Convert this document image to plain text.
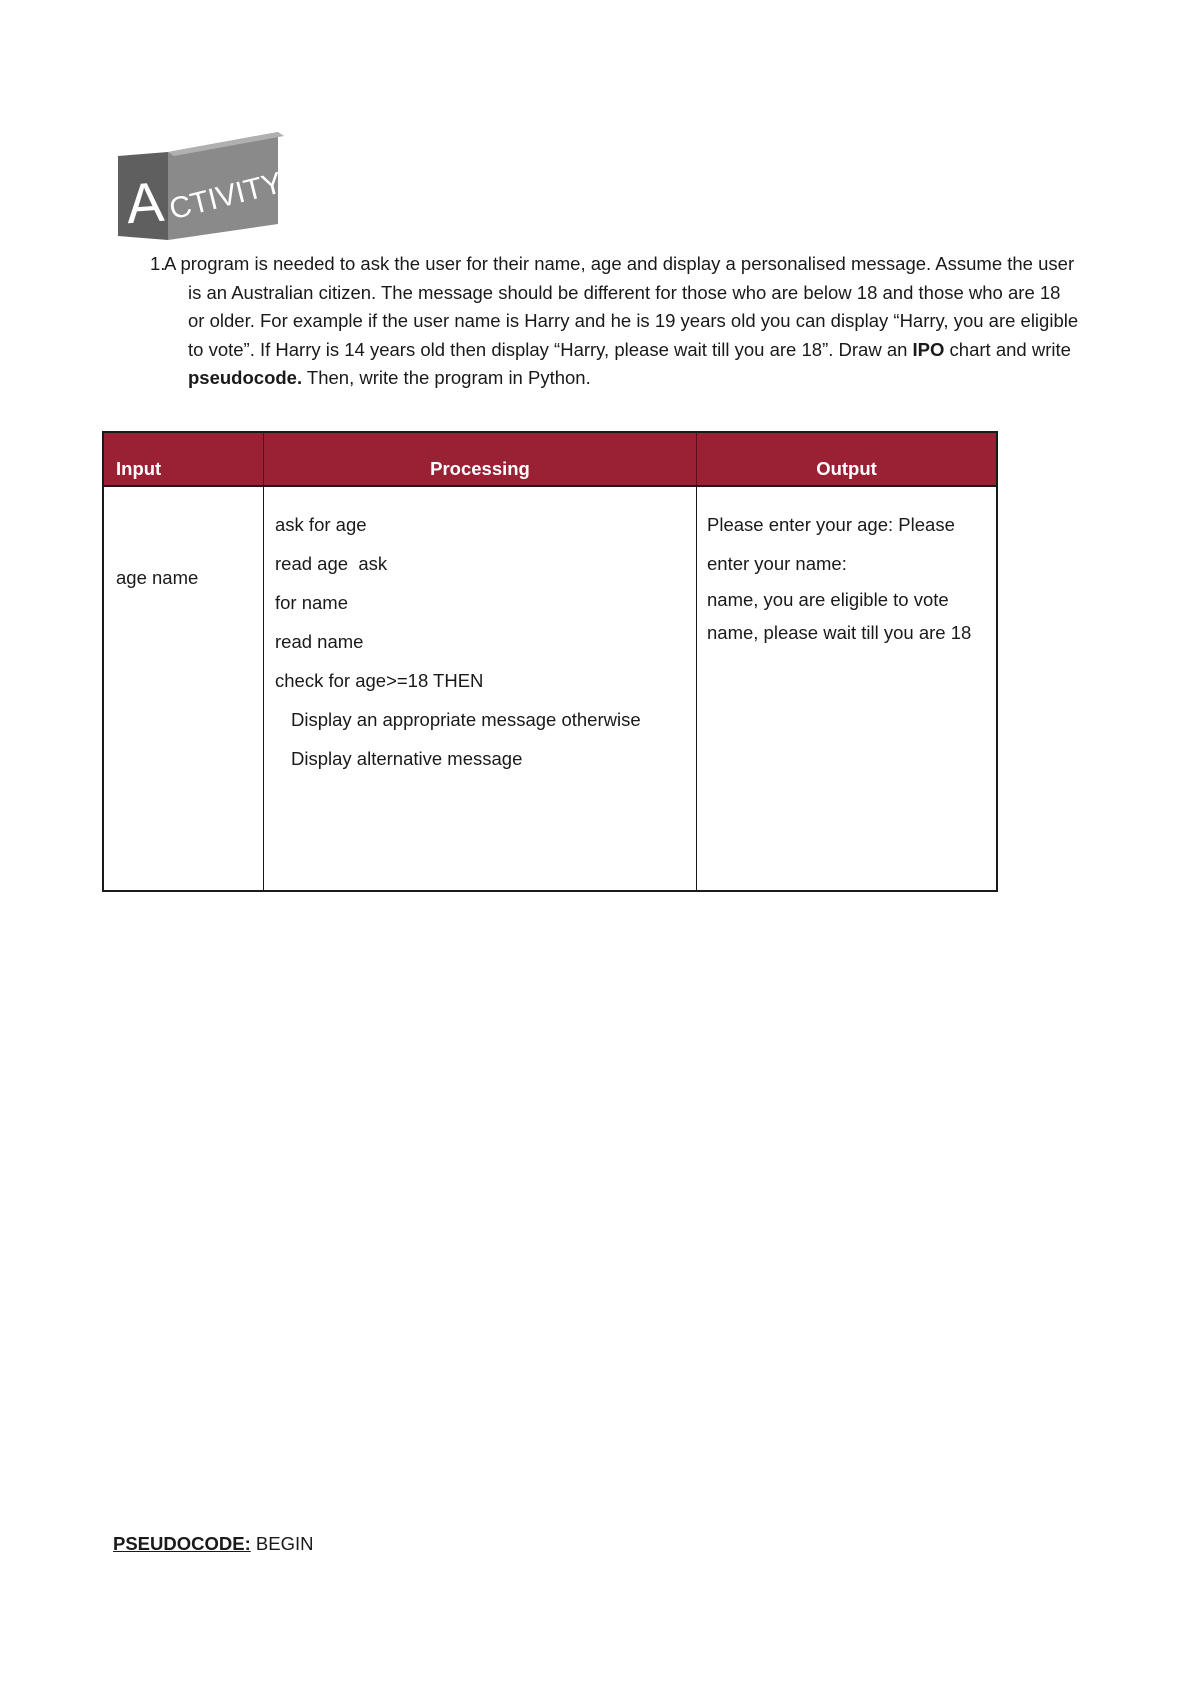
A CTIVITY
1.
A program is needed to ask the user for their name, age and display a personalised message. Assume the user is an Australian citizen. The message should be different for those who are below 18 and those who are 18 or older. For example if the user name is Harry and he is 19 years old you can display “Harry, you are eligible to vote”. If Harry is 14 years old then display “Harry, please wait till you are 18”. Draw an IPO chart and write pseudocode. Then, write the program in Python.
Input	Processing	Output
age name
ask for age
read age  ask
for name
read name
check for age>=18 THEN
Display an appropriate message otherwise
Display alternative message
Please enter your age: Please
enter your name:
name, you are eligible to vote name, please wait till you are 18
PSEUDOCODE: BEGIN
